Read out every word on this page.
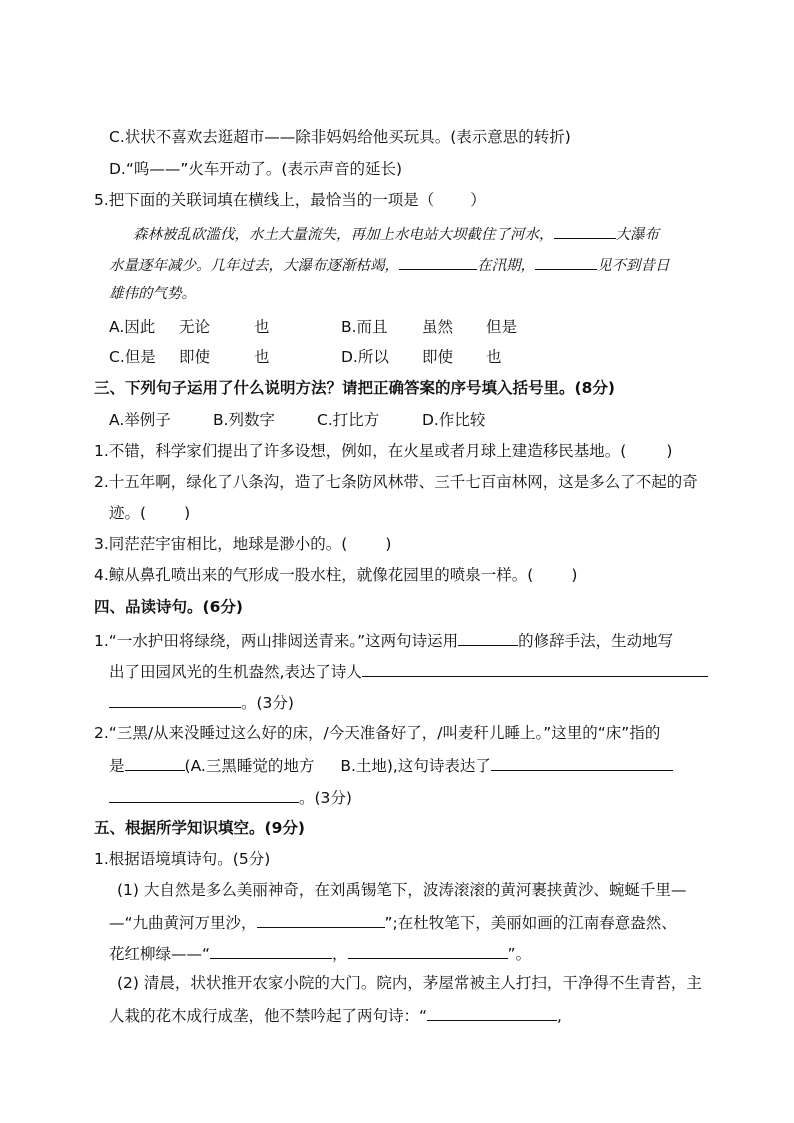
C.状状不喜欢去逛超市——除非妈妈给他买玩具。(表示意思的转折)
D.“呜——”火车开动了。(表示声音的延长)
5.把下面的关联词填在横线上，最恰当的一项是（ ）
森林被乱砍滥伐，水土大量流失，再加上水电站大坝截住了河水，	大瀑布
水量逐年减少。几年过去，大瀑布逐渐枯竭，	在汛期，	见不到昔日
雄伟的气势。
A.因此 无论	也	B.而且 虽然 但是
C.但是 即使	也	D.所以 即使 也
三、下列句子运用了什么说明方法？请把正确答案的序号填入括号里。(8分)
A.举例子	B.列数字	C.打比方	D.作比较
1.不错，科学家们提出了许多设想，例如，在火星或者月球上建造移民基地。(	)
2.十五年啊，绿化了八条沟，造了七条防风林带、三千七百亩林网，这是多么了不起的奇
迹。( )
3.同茫茫宇宙相比，地球是渺小的。( )
4.鲸从鼻孔喷出来的气形成一股水柱，就像花园里的喷泉一样。( )
四、品读诗句。(6分)
1.“一水护田将绿绕，两山排闼送青来。”这两句诗运用	的修辞手法，生动地写
出了田园风光的生机盎然,表达了诗人
。(3分)
2.“三黑/从来没睡过这么好的床，/今天准备好了，/叫麦秆儿睡上。”这里的“床”指的
是	(A.三黑睡觉的地方 B.土地),这句诗表达了
。(3分)
五、根据所学知识填空。(9分)
1.根据语境填诗句。(5分)
(1) 大自然是多么美丽神奇，在刘禹锡笔下，波涛滚滚的黄河裹挟黄沙、蜿蜒千里—
—“九曲黄河万里沙，	”;在杜牧笔下，美丽如画的江南春意盎然、
花红柳绿——“	，	”。
(2) 清晨，状状推开农家小院的大门。院内，茅屋常被主人打扫，干净得不生青苔，主
人栽的花木成行成垄，他不禁吟起了两句诗：“	,
